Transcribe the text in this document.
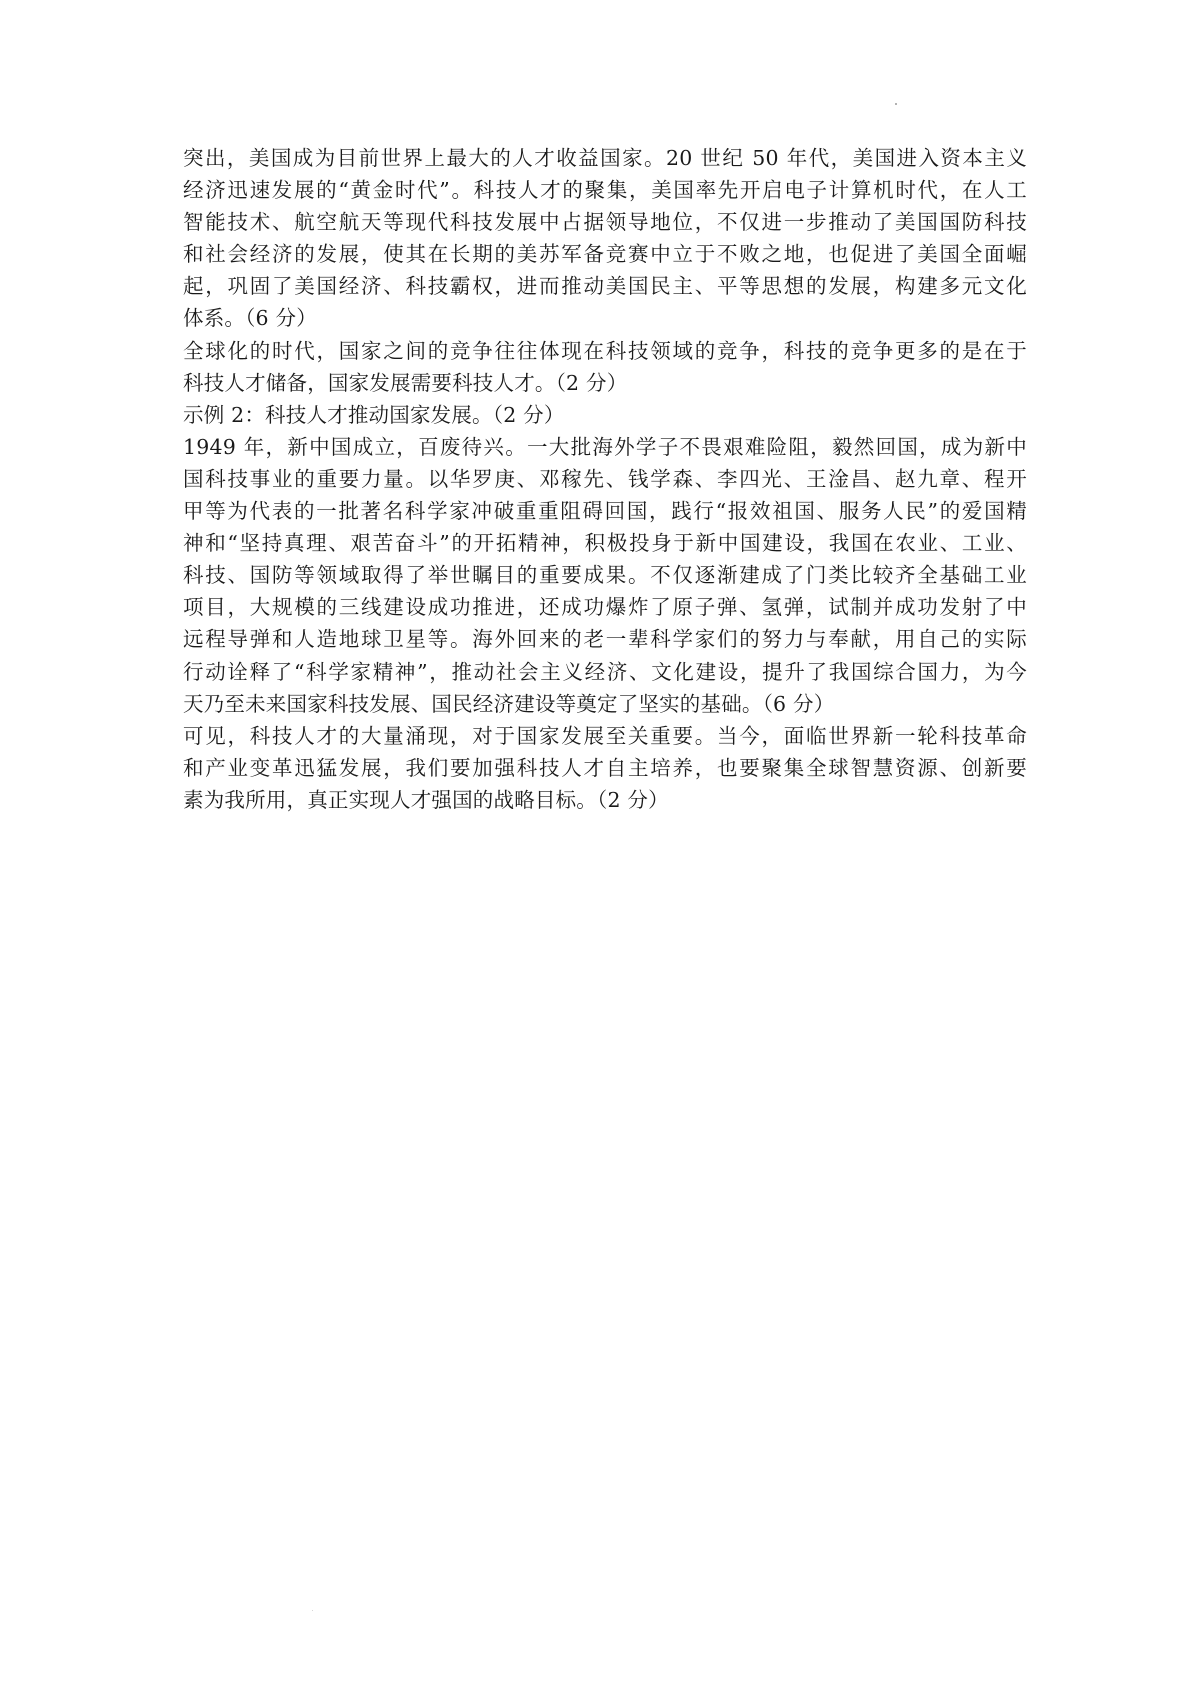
突出，美国成为目前世界上最大的人才收益国家。20 世纪 50 年代，美国进入资本主义
经济迅速发展的“黄金时代”。科技人才的聚集，美国率先开启电子计算机时代，在人工
智能技术、航空航天等现代科技发展中占据领导地位，不仅进一步推动了美国国防科技
和社会经济的发展，使其在长期的美苏军备竞赛中立于不败之地，也促进了美国全面崛
起，巩固了美国经济、科技霸权，进而推动美国民主、平等思想的发展，构建多元文化
体系。（6 分）
全球化的时代，国家之间的竞争往往体现在科技领域的竞争，科技的竞争更多的是在于
科技人才储备，国家发展需要科技人才。（2 分）
示例 2：科技人才推动国家发展。（2 分）
1949 年，新中国成立，百废待兴。一大批海外学子不畏艰难险阻，毅然回国，成为新中
国科技事业的重要力量。以华罗庚、邓稼先、钱学森、李四光、王淦昌、赵九章、程开
甲等为代表的一批著名科学家冲破重重阻碍回国，践行“报效祖国、服务人民”的爱国精
神和“坚持真理、艰苦奋斗”的开拓精神，积极投身于新中国建设，我国在农业、工业、
科技、国防等领域取得了举世瞩目的重要成果。不仅逐渐建成了门类比较齐全基础工业
项目，大规模的三线建设成功推进，还成功爆炸了原子弹、氢弹，试制并成功发射了中
远程导弹和人造地球卫星等。海外回来的老一辈科学家们的努力与奉献，用自己的实际
行动诠释了“科学家精神”，推动社会主义经济、文化建设，提升了我国综合国力，为今
天乃至未来国家科技发展、国民经济建设等奠定了坚实的基础。（6 分）
可见，科技人才的大量涌现，对于国家发展至关重要。当今，面临世界新一轮科技革命
和产业变革迅猛发展，我们要加强科技人才自主培养，也要聚集全球智慧资源、创新要
素为我所用，真正实现人才强国的战略目标。（2 分）
